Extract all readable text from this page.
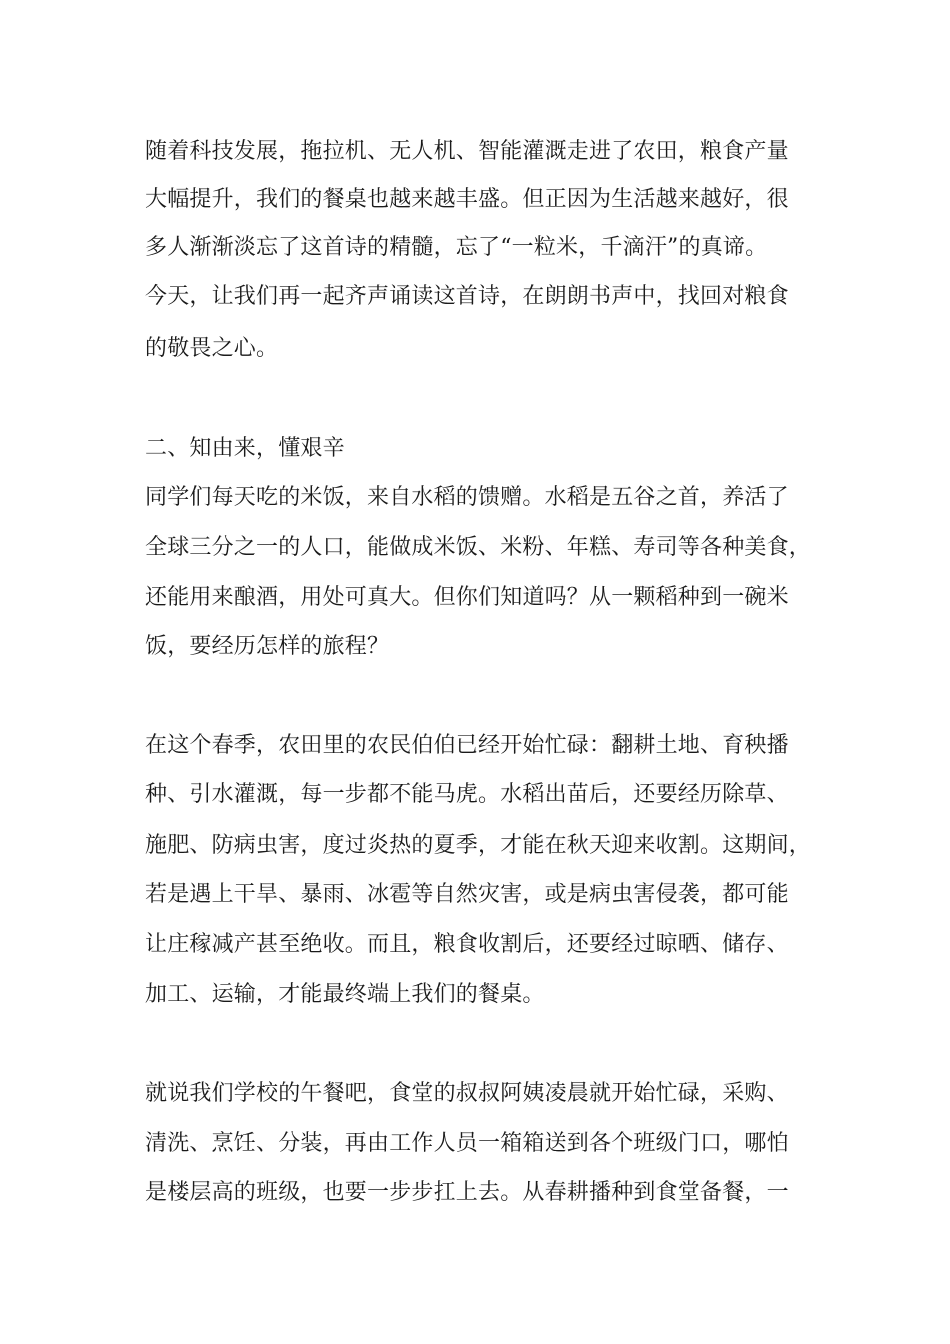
随着科技发展，拖拉机、无人机、智能灌溉走进了农田，粮食产量
大幅提升，我们的餐桌也越来越丰盛。但正因为生活越来越好，很
多人渐渐淡忘了这首诗的精髓，忘了“一粒米，千滴汗”的真谛。
今天，让我们再一起齐声诵读这首诗，在朗朗书声中，找回对粮食
的敬畏之心。
二、知由来，懂艰辛
同学们每天吃的米饭，来自水稻的馈赠。水稻是五谷之首，养活了
全球三分之一的人口，能做成米饭、米粉、年糕、寿司等各种美食，
还能用来酿酒，用处可真大。但你们知道吗？从一颗稻种到一碗米
饭，要经历怎样的旅程？
在这个春季，农田里的农民伯伯已经开始忙碌：翻耕土地、育秧播
种、引水灌溉，每一步都不能马虎。水稻出苗后，还要经历除草、
施肥、防病虫害，度过炎热的夏季，才能在秋天迎来收割。这期间，
若是遇上干旱、暴雨、冰雹等自然灾害，或是病虫害侵袭，都可能
让庄稼减产甚至绝收。而且，粮食收割后，还要经过晾晒、储存、
加工、运输，才能最终端上我们的餐桌。
就说我们学校的午餐吧，食堂的叔叔阿姨凌晨就开始忙碌，采购、
清洗、烹饪、分装，再由工作人员一箱箱送到各个班级门口，哪怕
是楼层高的班级，也要一步步扛上去。从春耕播种到食堂备餐，一
